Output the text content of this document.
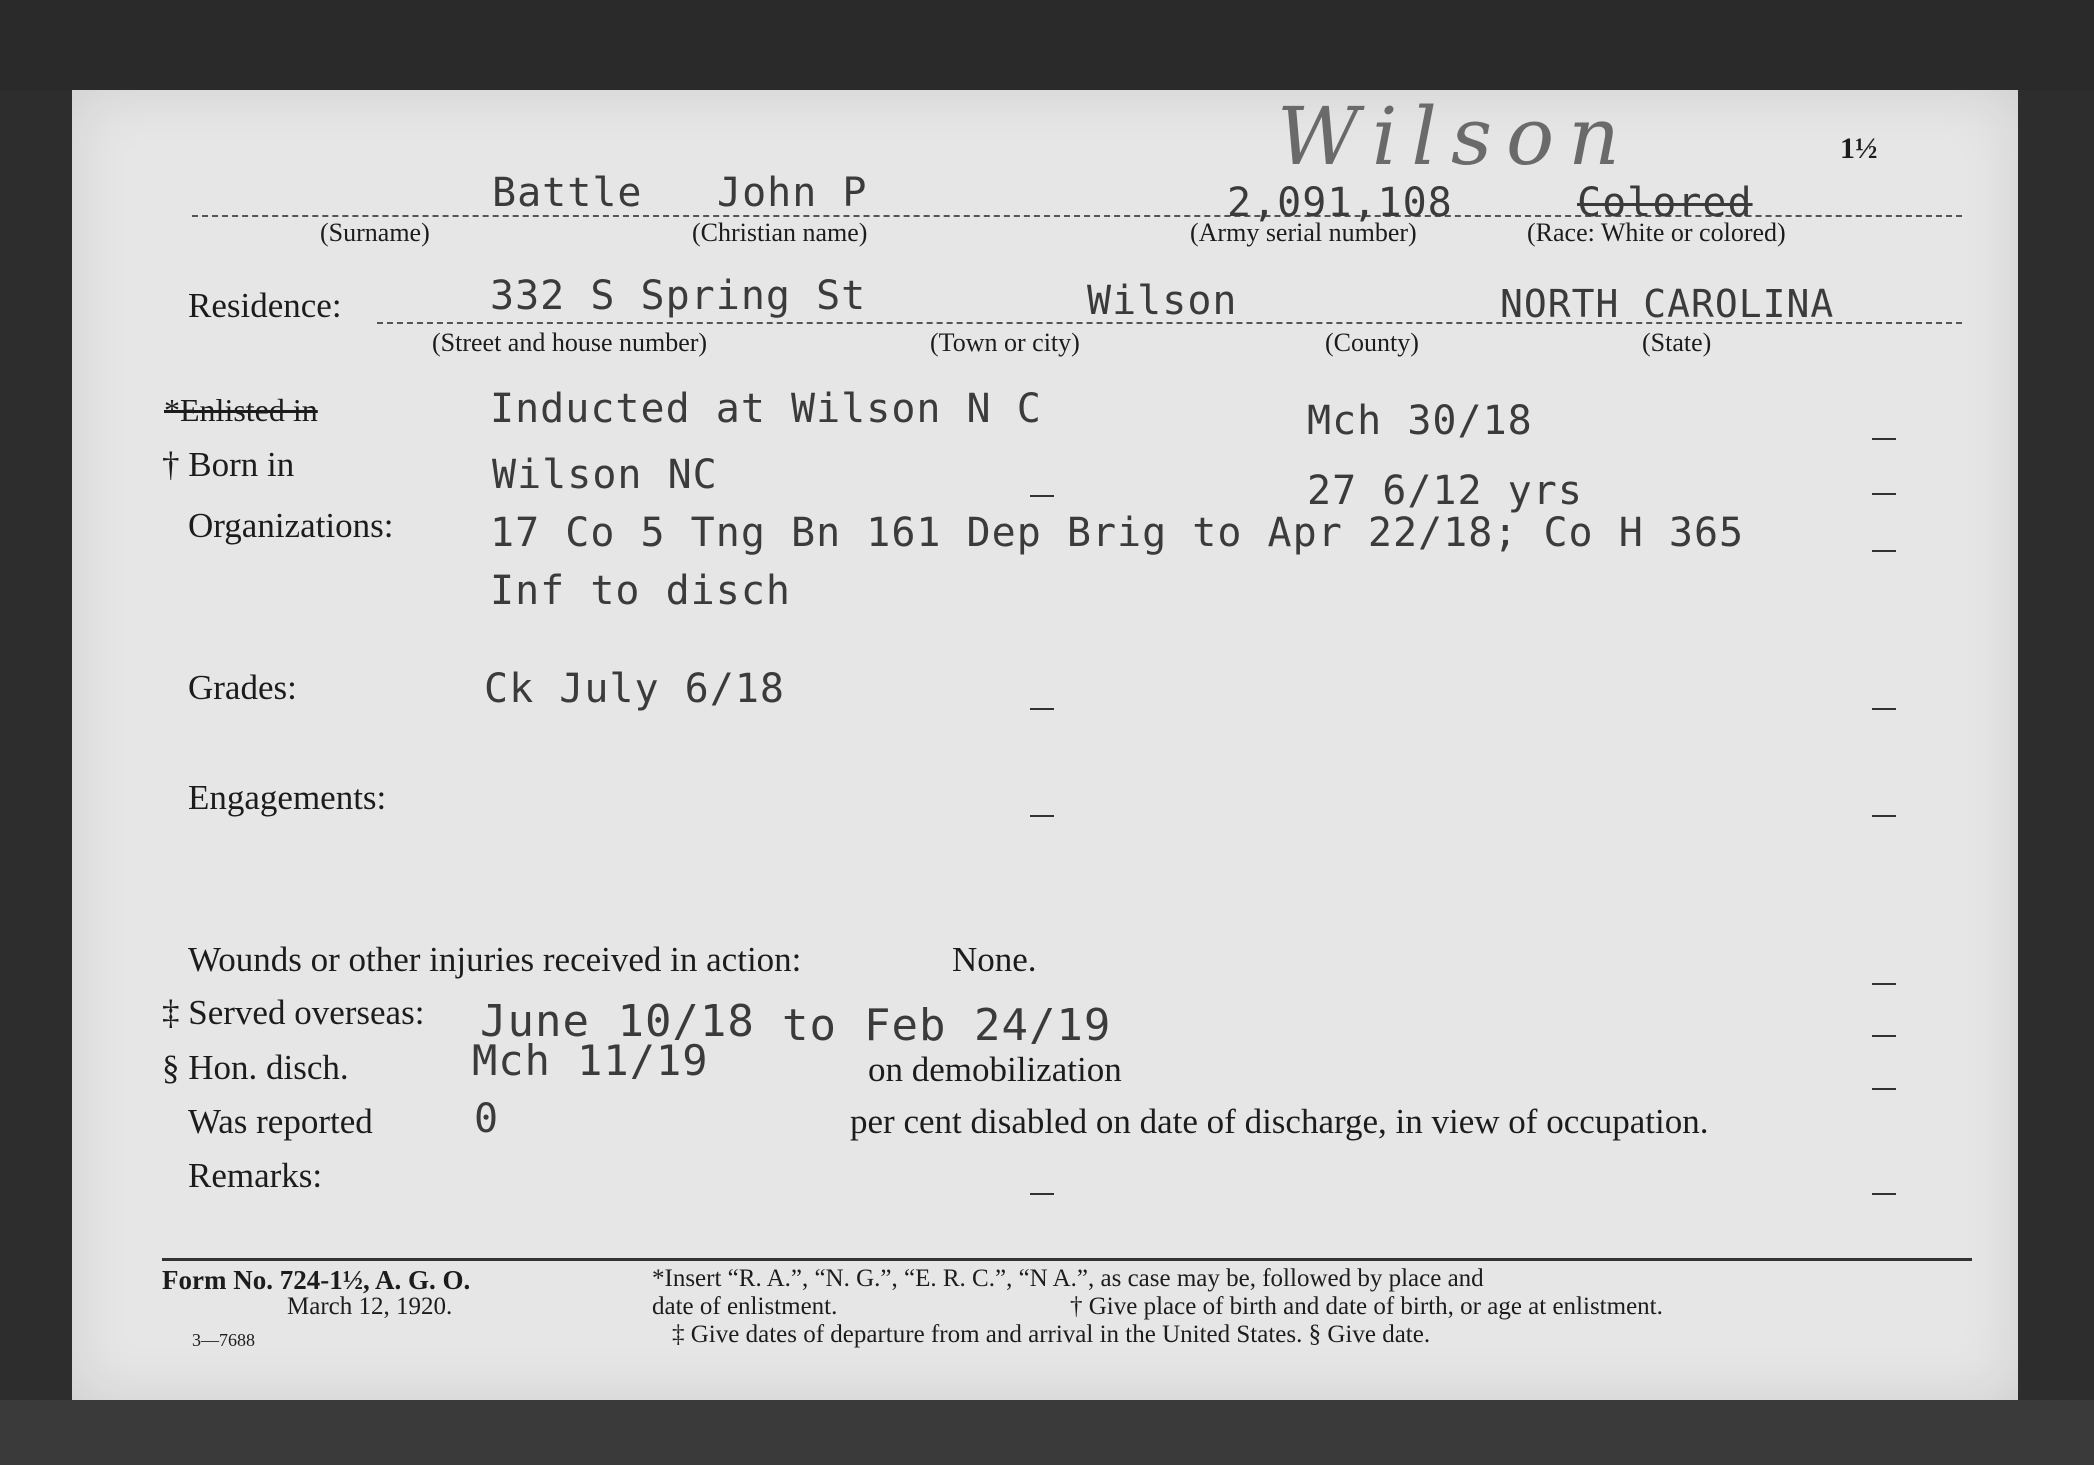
Wilson	1½
Battle John P	2,091,108	Colored
(Surname)	(Christian name)	(Army serial number)	(Race: White or colored)
Residence:	332 S Spring St	Wilson	NORTH CAROLINA
(Street and house number)	(Town or city)	(County)	(State)
*Enlisted in	Inducted at Wilson N C	Mch 30/18
† Born in	Wilson NC	27 6/12 yrs
Organizations: 17 Co 5 Tng Bn 161 Dep Brig to Apr 22/18; Co H 365
Inf to disch
Grades:	Ck July 6/18
Engagements:
Wounds or other injuries received in action:	None.
‡ Served overseas: June 10/18 to Feb 24/19
§ Hon. disch.	Mch 11/19	on demobilization
Was reported	0	per cent disabled on date of discharge, in view of occupation.
Remarks:
Form No. 724-1½, A. G. O.
March 12, 1920.
3—7688
*Insert “R. A.”, “N. G.”, “E. R. C.”, “N A.”, as case may be, followed by place and
date of enlistment.	† Give place of birth and date of birth, or age at enlistment.
‡ Give dates of departure from and arrival in the United States. § Give date.
